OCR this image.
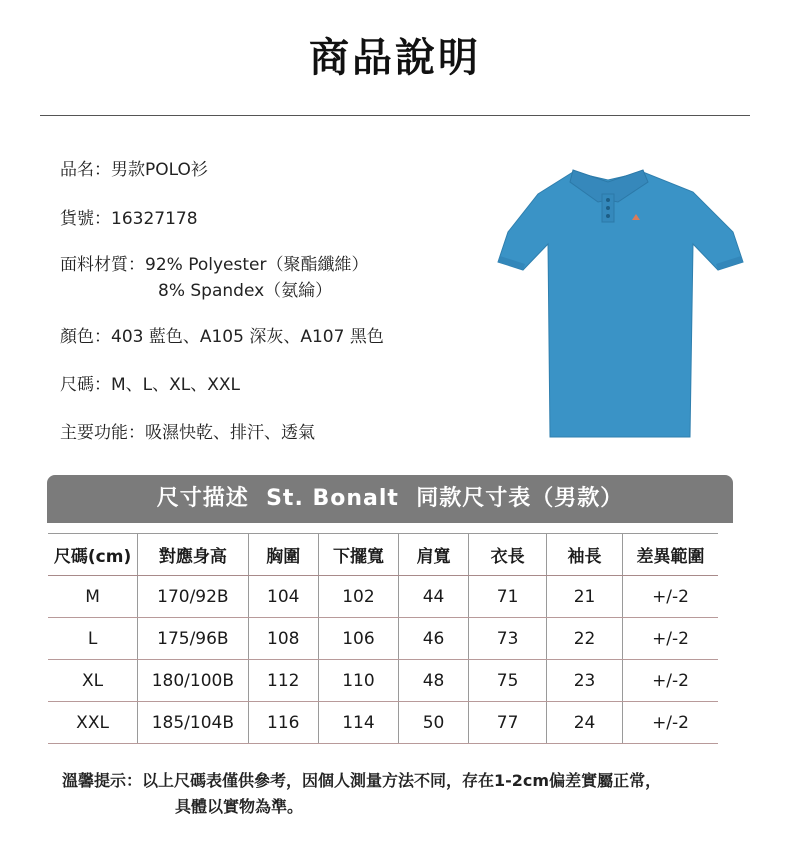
商品說明
品名：男款POLO衫
貨號：16327178
面料材質：92% Polyester（聚酯纖維）
8% Spandex（氨綸）
顏色：403 藍色、A105 深灰、A107 黑色
尺碼：M、L、XL、XXL
主要功能：吸濕快乾、排汗、透氣
尺寸描述  St. Bonalt  同款尺寸表（男款）
尺碼(cm)	對應身高	胸圍	下擺寬	肩寬	衣長	袖長	差異範圍
M	170/92B	104	102	44	71	21	+/-2
L	175/96B	108	106	46	73	22	+/-2
XL	180/100B	112	110	48	75	23	+/-2
XXL	185/104B	116	114	50	77	24	+/-2
溫馨提示：以上尺碼表僅供參考，因個人測量方法不同，存在1-2cm偏差實屬正常，
具體以實物為準。
